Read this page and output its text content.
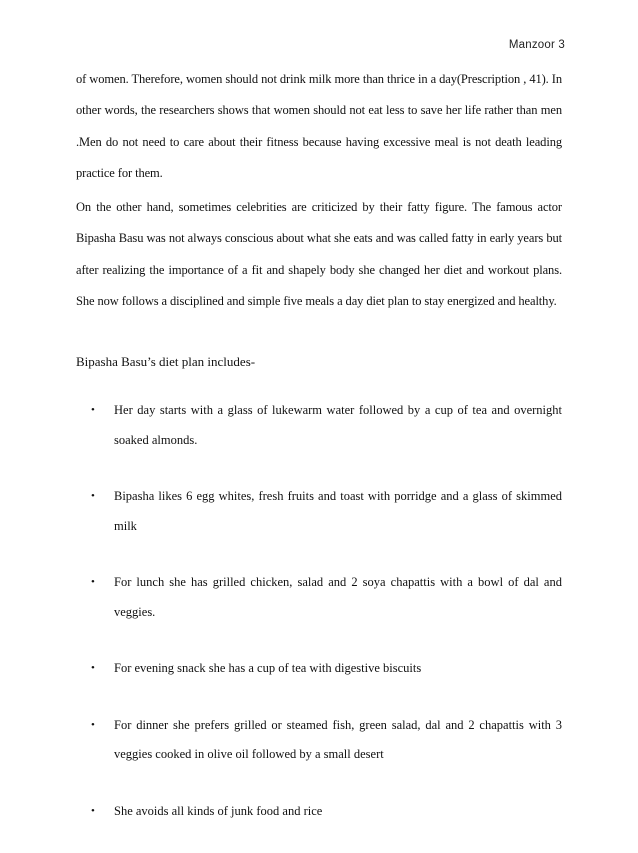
Manzoor 3

of women. Therefore, women should not drink milk more than thrice in a day(Prescription , 41). In other words, the researchers shows that women should not eat less to save her life rather than men .Men do not need to care about their fitness because having excessive meal is not death leading practice for them.

On the other hand, sometimes celebrities are criticized by their fatty figure. The famous actor Bipasha Basu was not always conscious about what she eats and was called fatty in early years but after realizing the importance of a fit and shapely body she changed her diet and workout plans. She now follows a disciplined and simple five meals a day diet plan to stay energized and healthy.

Bipasha Basu’s diet plan includes-
• Her day starts with a glass of lukewarm water followed by a cup of tea and overnight soaked almonds.
• Bipasha likes 6 egg whites, fresh fruits and toast with porridge and a glass of skimmed milk
• For lunch she has grilled chicken, salad and 2 soya chapattis with a bowl of dal and veggies.
• For evening snack she has a cup of tea with digestive biscuits
• For dinner she prefers grilled or steamed fish, green salad, dal and 2 chapattis with 3 veggies cooked in olive oil followed by a small desert
• She avoids all kinds of junk food and rice
